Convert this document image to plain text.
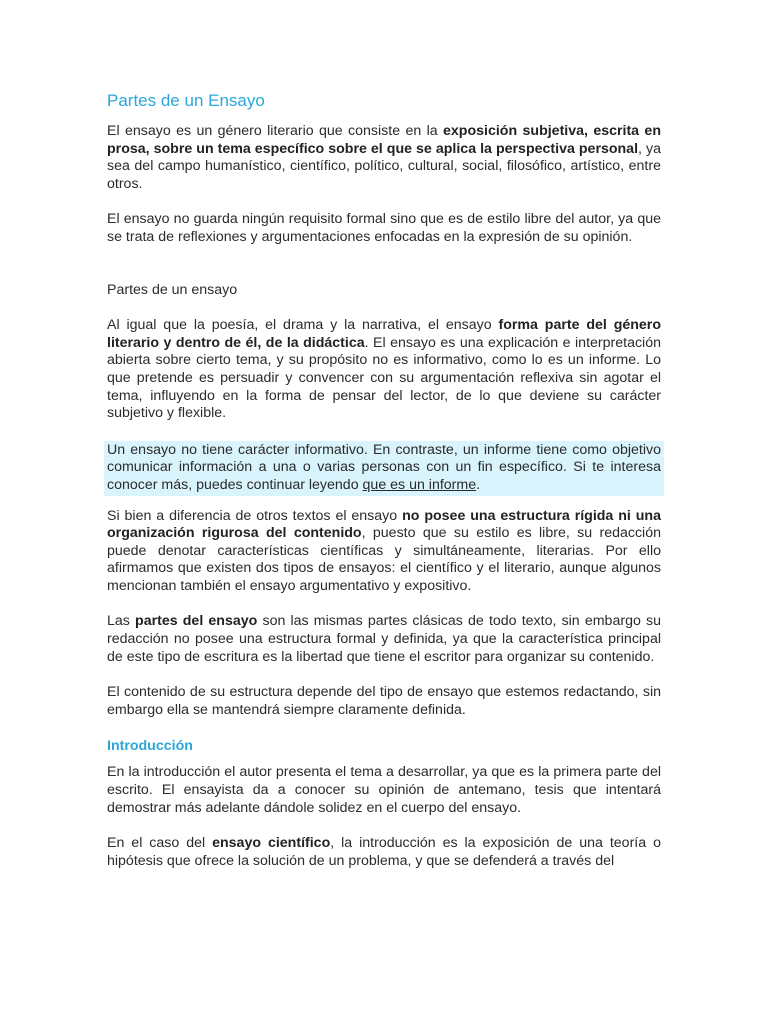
Partes de un Ensayo

El ensayo es un género literario que consiste en la exposición subjetiva, escrita en prosa, sobre un tema específico sobre el que se aplica la perspectiva personal, ya sea del campo humanístico, científico, político, cultural, social, filosófico, artístico, entre otros.

El ensayo no guarda ningún requisito formal sino que es de estilo libre del autor, ya que se trata de reflexiones y argumentaciones enfocadas en la expresión de su opinión.

Partes de un ensayo

Al igual que la poesía, el drama y la narrativa, el ensayo forma parte del género literario y dentro de él, de la didáctica. El ensayo es una explicación e interpretación abierta sobre cierto tema, y su propósito no es informativo, como lo es un informe. Lo que pretende es persuadir y convencer con su argumentación reflexiva sin agotar el tema, influyendo en la forma de pensar del lector, de lo que deviene su carácter subjetivo y flexible.

Un ensayo no tiene carácter informativo. En contraste, un informe tiene como objetivo comunicar información a una o varias personas con un fin específico. Si te interesa conocer más, puedes continuar leyendo que es un informe.

Si bien a diferencia de otros textos el ensayo no posee una estructura rígida ni una organización rigurosa del contenido, puesto que su estilo es libre, su redacción puede denotar características científicas y simultáneamente, literarias. Por ello afirmamos que existen dos tipos de ensayos: el científico y el literario, aunque algunos mencionan también el ensayo argumentativo y expositivo.

Las partes del ensayo son las mismas partes clásicas de todo texto, sin embargo su redacción no posee una estructura formal y definida, ya que la característica principal de este tipo de escritura es la libertad que tiene el escritor para organizar su contenido.

El contenido de su estructura depende del tipo de ensayo que estemos redactando, sin embargo ella se mantendrá siempre claramente definida.

Introducción

En la introducción el autor presenta el tema a desarrollar, ya que es la primera parte del escrito. El ensayista da a conocer su opinión de antemano, tesis que intentará demostrar más adelante dándole solidez en el cuerpo del ensayo.

En el caso del ensayo científico, la introducción es la exposición de una teoría o hipótesis que ofrece la solución de un problema, y que se defenderá a través del
